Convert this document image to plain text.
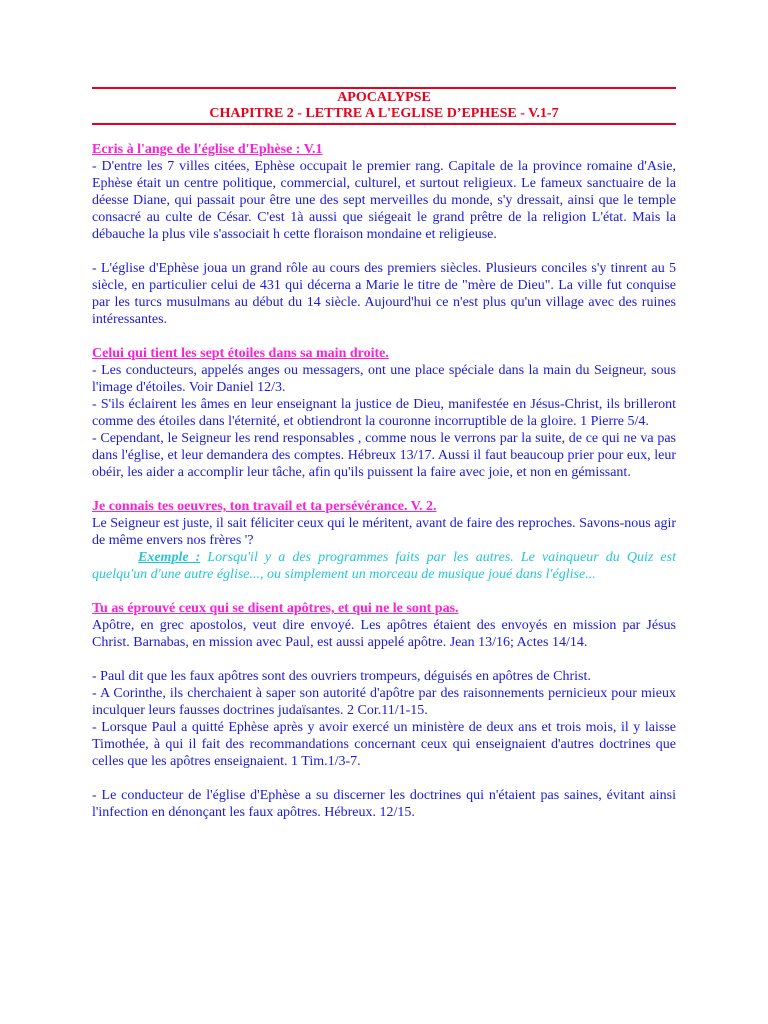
APOCALYPSE
CHAPITRE 2 - LETTRE A L'EGLISE D’EPHESE - V.1-7

Ecris à l'ange de l'église d'Ephèse : V.1

- D'entre les 7 villes citées, Ephèse occupait le premier rang. Capitale de la province romaine d'Asie, Ephèse était un centre politique, commercial, culturel, et surtout religieux. Le fameux sanctuaire de la déesse Diane, qui passait pour être une des sept merveilles du monde, s'y dressait, ainsi que le temple consacré au culte de César. C'est 1à aussi que siégeait le grand prêtre de la religion L'état. Mais la débauche la plus vile s'associait h cette floraison mondaine et religieuse.

- L'église d'Ephèse joua un grand rôle au cours des premiers siècles. Plusieurs conciles s'y tinrent au 5 siècle, en particulier celui de 431 qui décerna a Marie le titre de "mère de Dieu". La ville fut conquise par les turcs musulmans au début du 14 siècle. Aujourd'hui ce n'est plus qu'un village avec des ruines intéressantes.

Celui qui tient les sept étoiles dans sa main droite.

- Les conducteurs, appelés anges ou messagers, ont une place spéciale dans la main du Seigneur, sous l'image d'étoiles. Voir Daniel 12/3.

- S'ils éclairent les âmes en leur enseignant la justice de Dieu, manifestée en Jésus-Christ, ils brilleront comme des étoiles dans l'éternité, et obtiendront la couronne incorruptible de la gloire. 1 Pierre 5/4.

- Cependant, le Seigneur les rend responsables , comme nous le verrons par la suite, de ce qui ne va pas dans l'église, et leur demandera des comptes. Hébreux 13/17. Aussi il faut beaucoup prier pour eux, leur obéir, les aider a accomplir leur tâche, afin qu'ils puissent la faire avec joie, et non en gémissant.

Je connais tes oeuvres, ton travail et ta persévérance. V. 2.

Le Seigneur est juste, il sait féliciter ceux qui le méritent, avant de faire des reproches. Savons-nous agir de même envers nos frères '?

Exemple : Lorsqu'il y a des programmes faits par les autres. Le vainqueur du Quiz est quelqu'un d'une autre église..., ou simplement un morceau de musique joué dans l'église...

Tu as éprouvé ceux qui se disent apôtres, et qui ne le sont pas.

Apôtre, en grec apostolos, veut dire envoyé. Les apôtres étaient des envoyés en mission par Jésus Christ. Barnabas, en mission avec Paul, est aussi appelé apôtre. Jean 13/16; Actes 14/14.

- Paul dit que les faux apôtres sont des ouvriers trompeurs, déguisés en apôtres de Christ.

- A Corinthe, ils cherchaient à saper son autorité d'apôtre par des raisonnements pernicieux pour mieux inculquer leurs fausses doctrines judaïsantes. 2 Cor.11/1-15.

- Lorsque Paul a quitté Ephèse après y avoir exercé un ministère de deux ans et trois mois, il y laisse Timothée, à qui il fait des recommandations concernant ceux qui enseignaient d'autres doctrines que celles que les apôtres enseignaient. 1 Tim.1/3-7.

- Le conducteur de l'église d'Ephèse a su discerner les doctrines qui n'étaient pas saines, évitant ainsi l'infection en dénonçant les faux apôtres. Hébreux. 12/15.
